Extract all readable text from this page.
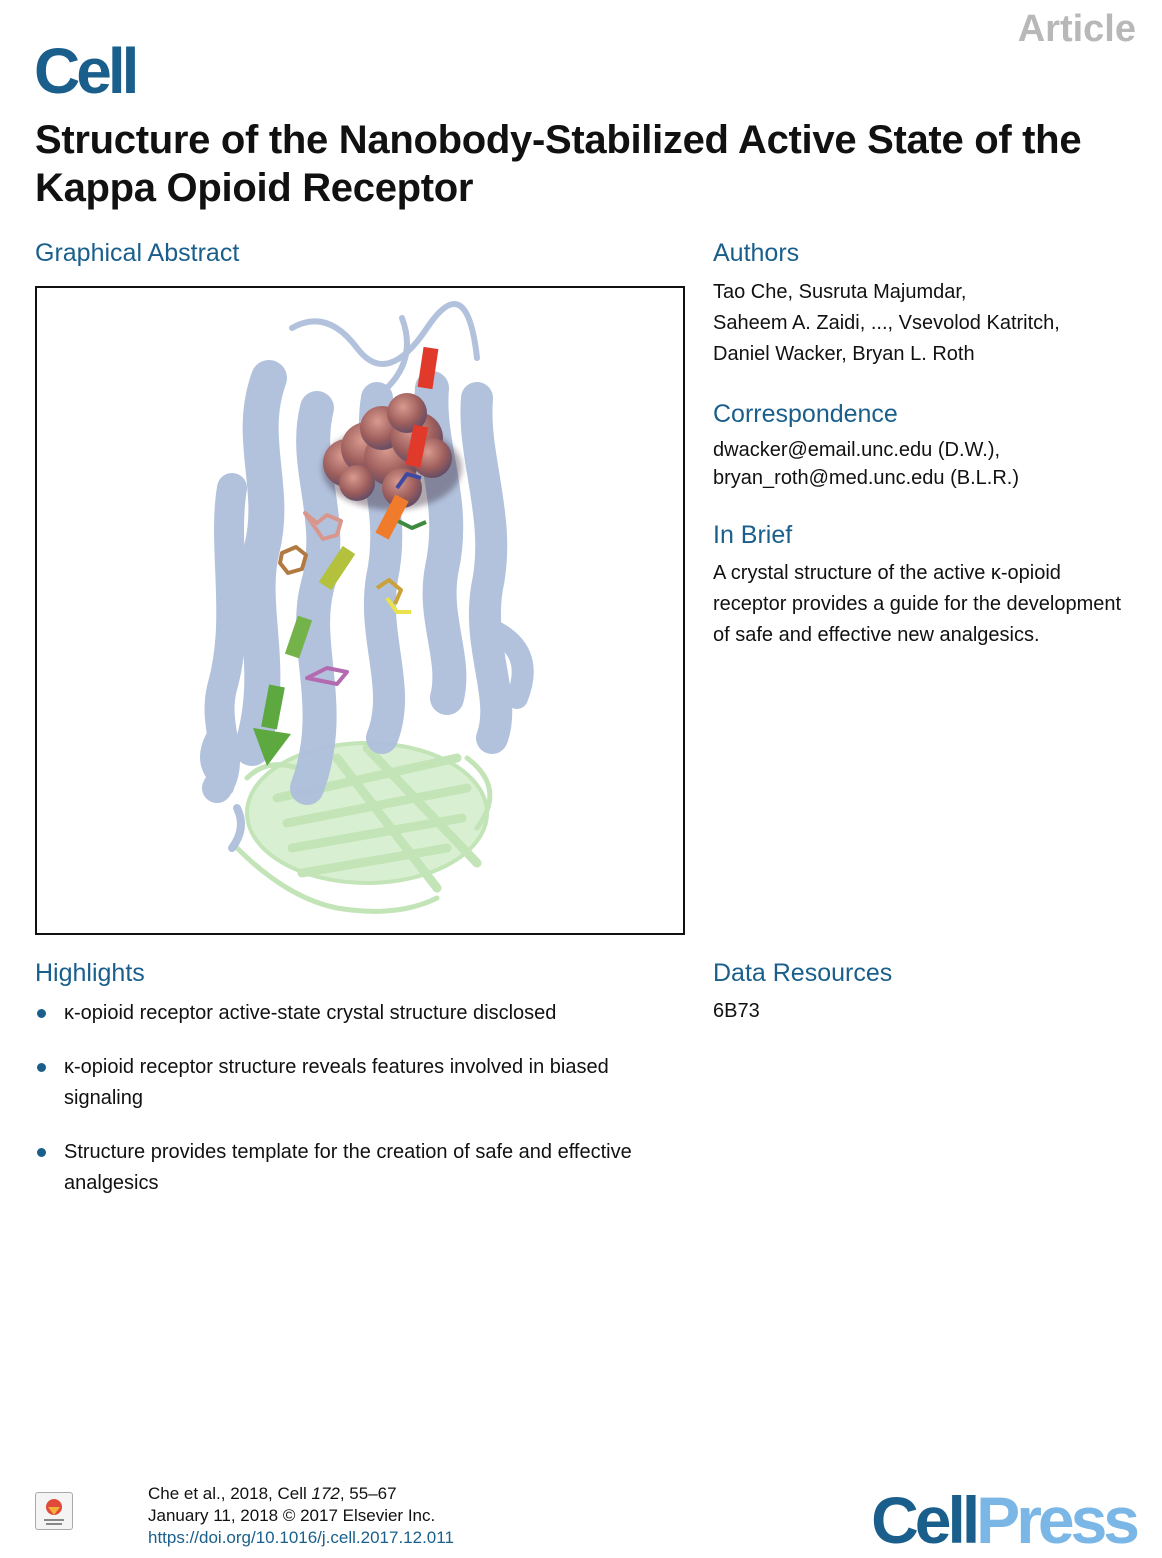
Article
Cell
Structure of the Nanobody-Stabilized Active State of the Kappa Opioid Receptor
Graphical Abstract	Authors
Tao Che, Susruta Majumdar,
Saheem A. Zaidi, ..., Vsevolod Katritch,
Daniel Wacker, Bryan L. Roth
Correspondence
dwacker@email.unc.edu (D.W.),
bryan_roth@med.unc.edu (B.L.R.)
In Brief
A crystal structure of the active κ-opioid receptor provides a guide for the development of safe and effective new analgesics.
Highlights
κ-opioid receptor active-state crystal structure disclosed
κ-opioid receptor structure reveals features involved in biased signaling
Structure provides template for the creation of safe and effective analgesics
Data Resources
6B73
Che et al., 2018, Cell 172, 55–67
January 11, 2018 © 2017 Elsevier Inc.
https://doi.org/10.1016/j.cell.2017.12.011	CellPress
